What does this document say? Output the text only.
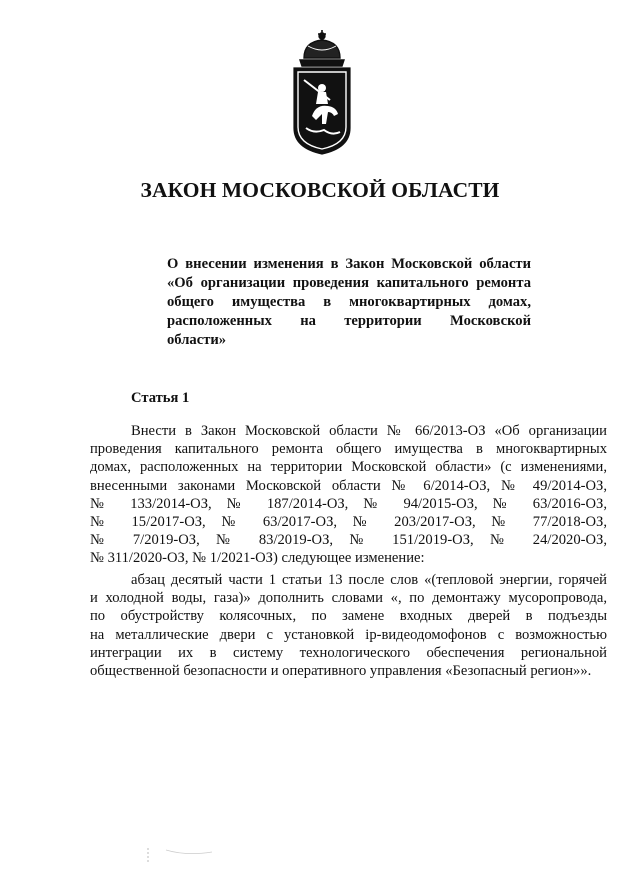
ЗАКОН МОСКОВСКОЙ ОБЛАСТИ
О внесении изменения в Закон Московской области
«Об организации проведения капитального ремонта
общего имущества в многоквартирных домах,
расположенных на территории Московской
области»
Статья 1
Внести в Закон Московской области № 66/2013-ОЗ «Об организации
проведения капитального ремонта общего имущества в многоквартирных
домах, расположенных на территории Московской области» (с изменениями,
внесенными законами Московской области № 6/2014-ОЗ, № 49/2014-ОЗ,
№ 133/2014-ОЗ, № 187/2014-ОЗ, № 94/2015-ОЗ, № 63/2016-ОЗ,
№ 15/2017-ОЗ, № 63/2017-ОЗ, № 203/2017-ОЗ, № 77/2018-ОЗ,
№ 7/2019-ОЗ, № 83/2019-ОЗ, № 151/2019-ОЗ, № 24/2020-ОЗ,
№ 311/2020-ОЗ, № 1/2021-ОЗ) следующее изменение:
абзац десятый части 1 статьи 13 после слов «(тепловой энергии, горячей
и холодной воды, газа)» дополнить словами «, по демонтажу мусоропровода,
по обустройству колясочных, по замене входных дверей в подъезды
на металлические двери с установкой ip-видеодомофонов с возможностью
интеграции их в систему технологического обеспечения региональной
общественной безопасности и оперативного управления «Безопасный регион»».
